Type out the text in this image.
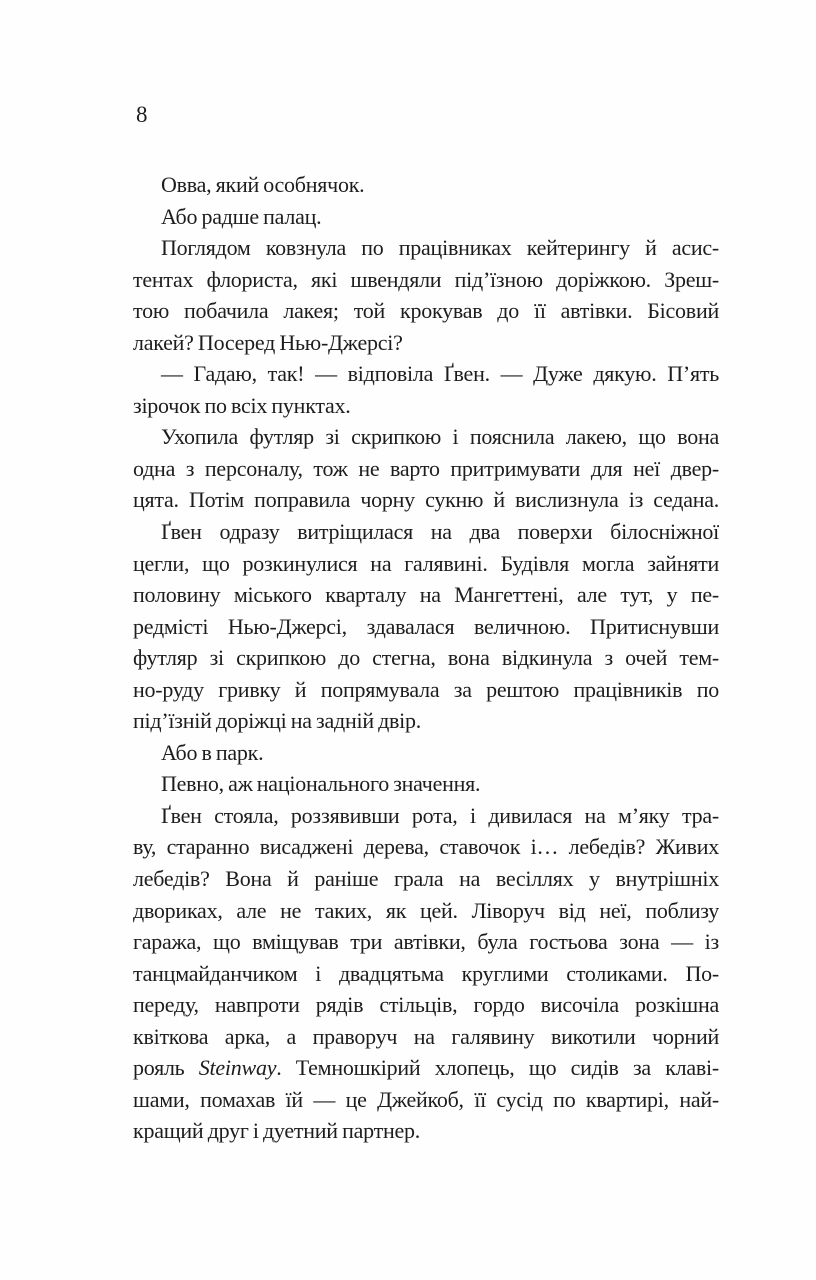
8
Овва, який особнячок.
Або радше палац.
Поглядом ковзнула по працівниках кейтерингу й асис-
тентах флориста, які швендяли під’їзною доріжкою. Зреш-
тою побачила лакея; той крокував до її автівки. Бісовий
лакей? Посеред Нью-Джерсі?
— Гадаю, так! — відповіла Ґвен. — Дуже дякую. П’ять
зірочок по всіх пунктах.
Ухопила футляр зі скрипкою і пояснила лакею, що вона
одна з персоналу, тож не варто притримувати для неї двер-
цята. Потім поправила чорну сукню й вислизнула із седана.
Ґвен одразу витріщилася на два поверхи білосніжної
цегли, що розкинулися на галявині. Будівля могла зайняти
половину міського кварталу на Мангеттені, але тут, у пе-
редмісті Нью-Джерсі, здавалася величною. Притиснувши
футляр зі скрипкою до стегна, вона відкинула з очей тем-
но-руду гривку й попрямувала за рештою працівників по
під’їзній доріжці на задній двір.
Або в парк.
Певно, аж національного значення.
Ґвен стояла, роззявивши рота, і дивилася на м’яку тра-
ву, старанно висаджені дерева, ставочок і… лебедів? Живих
лебедів? Вона й раніше грала на весіллях у внутрішніх
двориках, але не таких, як цей. Ліворуч від неї, поблизу
гаража, що вміщував три автівки, була гостьова зона — із
танцмайданчиком і двадцятьма круглими столиками. По-
переду, навпроти рядів стільців, гордо височіла розкішна
квіткова арка, а праворуч на галявину викотили чорний
рояль Steinway. Темношкірий хлопець, що сидів за клаві-
шами, помахав їй — це Джейкоб, її сусід по квартирі, най-
кращий друг і дуетний партнер.
